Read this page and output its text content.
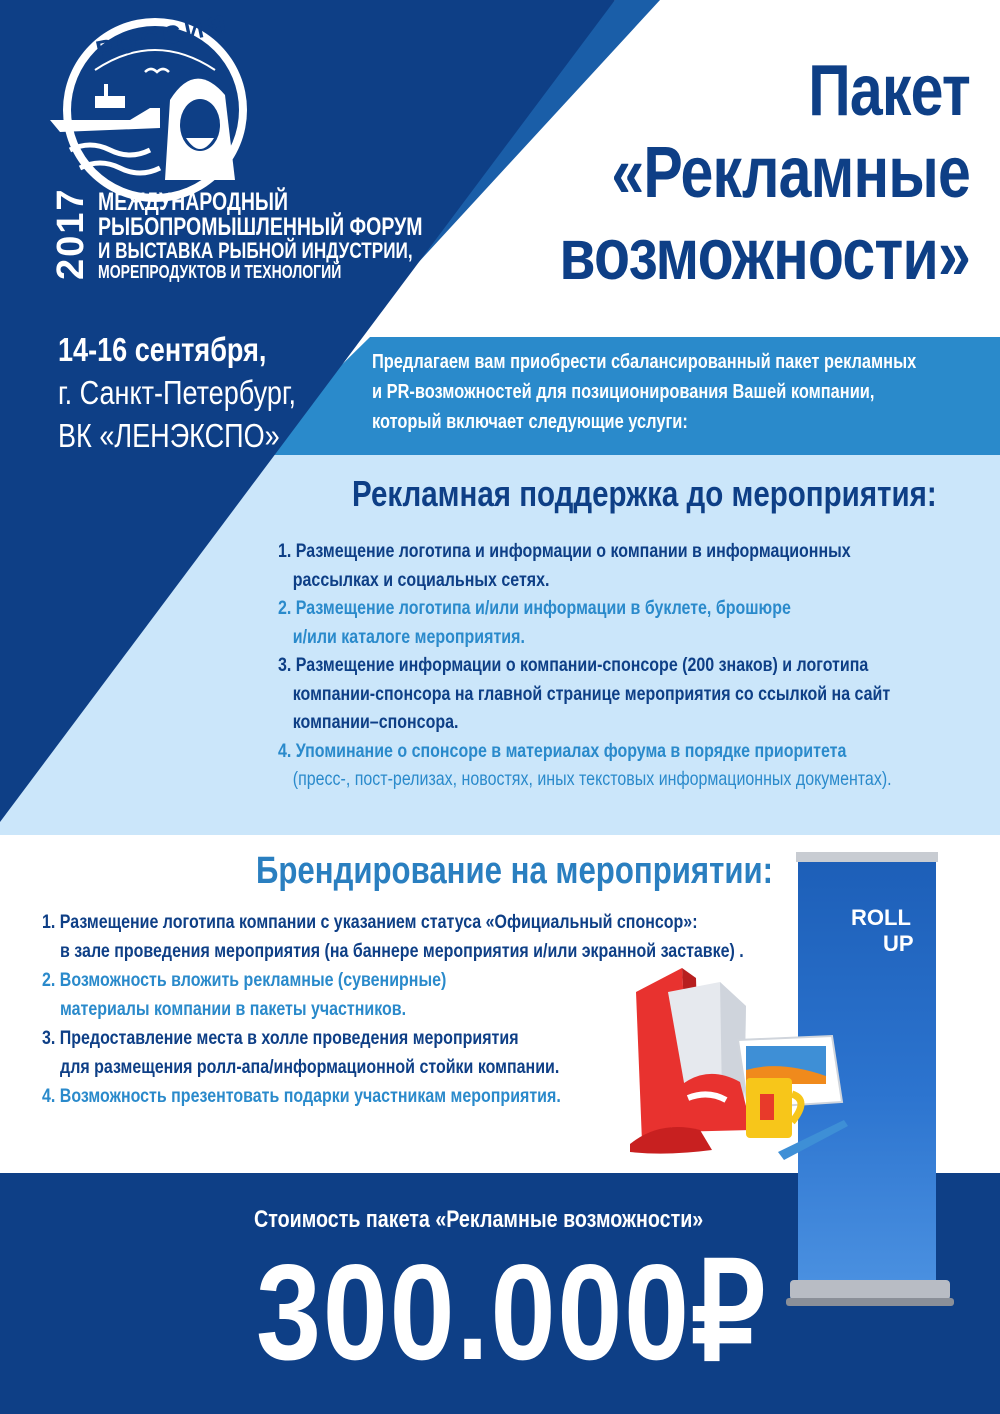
РОССИЯ
2017 МЕЖДУНАРОДНЫЙ
РЫБОПРОМЫШЛЕННЫЙ ФОРУМ
И ВЫСТАВКА РЫБНОЙ ИНДУСТРИИ,
МОРЕПРОДУКТОВ И ТЕХНОЛОГИЙ
14-16 сентября,
г. Санкт-Петербург,
ВК «ЛЕНЭКСПО»
Пакет
«Рекламные
возможности»
Предлагаем вам приобрести сбалансированный пакет рекламных
и PR-возможностей для позиционирования Вашей компании,
который включает следующие услуги:
Рекламная поддержка до мероприятия:
1. Размещение логотипа и информации о компании в информационных
рассылках и социальных сетях.
2. Размещение логотипа и/или информации в буклете, брошюре
и/или каталоге мероприятия.
3. Размещение информации о компании-спонсоре (200 знаков) и логотипа
компании-спонсора на главной странице мероприятия со ссылкой на сайт
компании–спонсора.
4. Упоминание о спонсоре в материалах форума в порядке приоритета
(пресс-, пост-релизах, новостях, иных текстовых информационных документах).
Брендирование на мероприятии:
1. Размещение логотипа компании с указанием статуса «Официальный спонсор»:
в зале проведения мероприятия (на баннере мероприятия и/или экранной заставке) .
2. Возможность вложить рекламные (сувенирные)
материалы компании в пакеты участников.
3. Предоставление места в холле проведения мероприятия
для размещения ролл-апа/информационной стойки компании.
4. Возможность презентовать подарки участникам мероприятия.
ROLL
UP
Стоимость пакета «Рекламные возможности»
300.000₽
